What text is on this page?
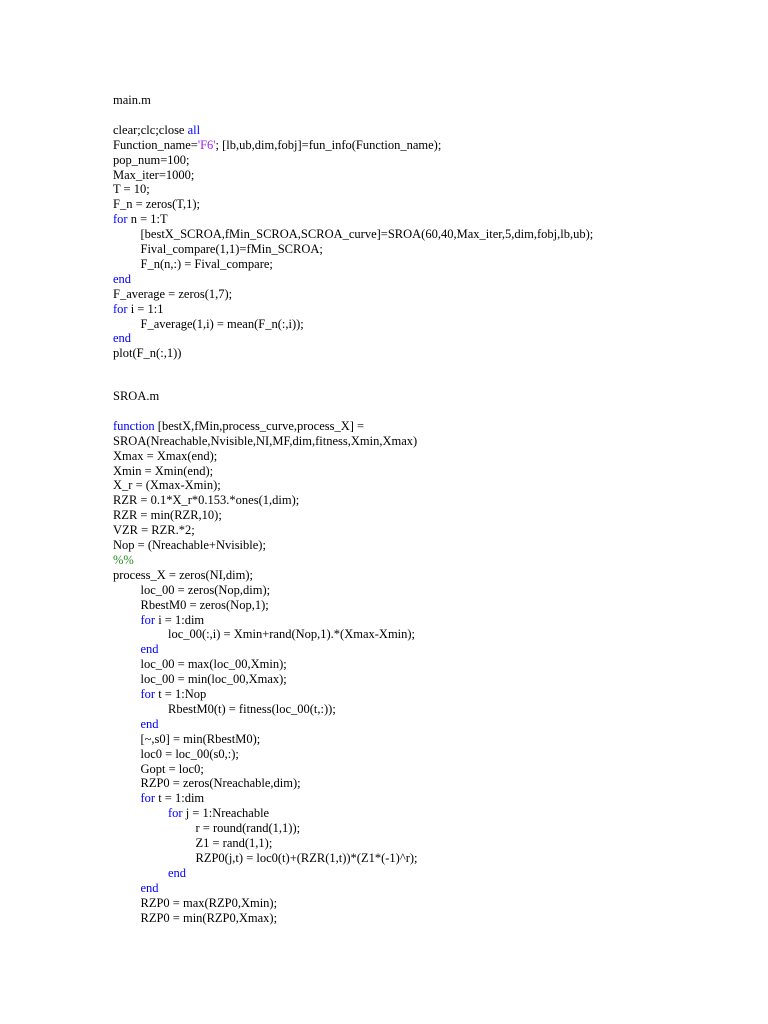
main.m
clear;clc;close all
Function_name='F6'; [lb,ub,dim,fobj]=fun_info(Function_name);
pop_num=100;
Max_iter=1000;
T = 10;
F_n = zeros(T,1);
for n = 1:T
[bestX_SCROA,fMin_SCROA,SCROA_curve]=SROA(60,40,Max_iter,5,dim,fobj,lb,ub);
Fival_compare(1,1)=fMin_SCROA;
F_n(n,:) = Fival_compare;
end
F_average = zeros(1,7);
for i = 1:1
F_average(1,i) = mean(F_n(:,i));
end
plot(F_n(:,1))
SROA.m
function [bestX,fMin,process_curve,process_X] =
SROA(Nreachable,Nvisible,NI,MF,dim,fitness,Xmin,Xmax)
Xmax = Xmax(end);
Xmin = Xmin(end);
X_r = (Xmax-Xmin);
RZR = 0.1*X_r*0.153.*ones(1,dim);
RZR = min(RZR,10);
VZR = RZR.*2;
Nop = (Nreachable+Nvisible);
%%
process_X = zeros(NI,dim);
loc_00 = zeros(Nop,dim);
RbestM0 = zeros(Nop,1);
for i = 1:dim
loc_00(:,i) = Xmin+rand(Nop,1).*(Xmax-Xmin);
end
loc_00 = max(loc_00,Xmin);
loc_00 = min(loc_00,Xmax);
for t = 1:Nop
RbestM0(t) = fitness(loc_00(t,:));
end
[~,s0] = min(RbestM0);
loc0 = loc_00(s0,:);
Gopt = loc0;
RZP0 = zeros(Nreachable,dim);
for t = 1:dim
for j = 1:Nreachable
r = round(rand(1,1));
Z1 = rand(1,1);
RZP0(j,t) = loc0(t)+(RZR(1,t))*(Z1*(-1)^r);
end
end
RZP0 = max(RZP0,Xmin);
RZP0 = min(RZP0,Xmax);
